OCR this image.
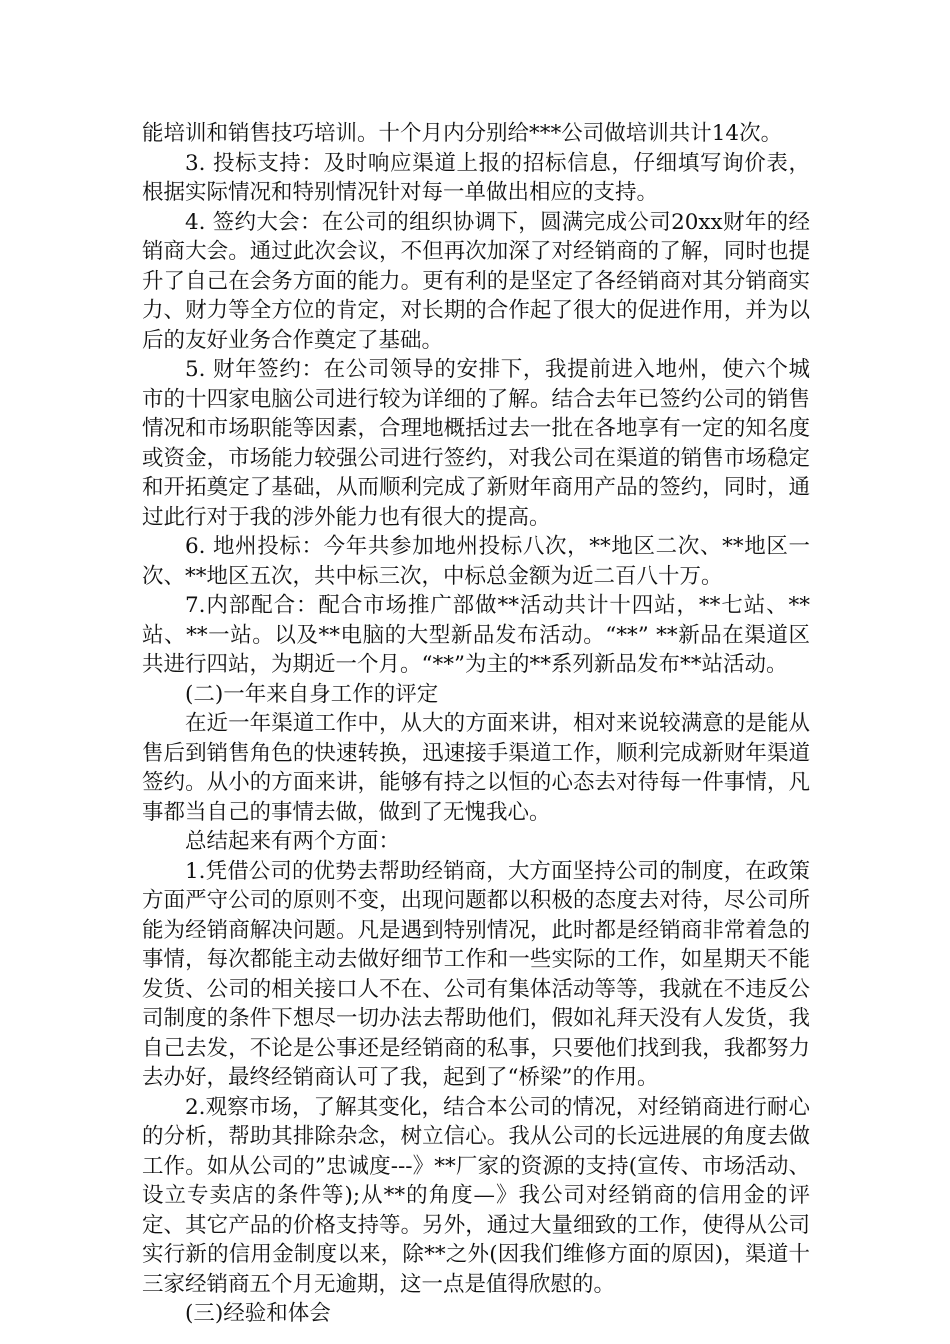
能培训和销售技巧培训。十个月内分别给***公司做培训共计14次。

3. 投标支持：及时响应渠道上报的招标信息，仔细填写询价表，根据实际情况和特别情况针对每一单做出相应的支持。

4. 签约大会：在公司的组织协调下，圆满完成公司20xx财年的经销商大会。通过此次会议，不但再次加深了对经销商的了解，同时也提升了自己在会务方面的能力。更有利的是坚定了各经销商对其分销商实力、财力等全方位的肯定，对长期的合作起了很大的促进作用，并为以后的友好业务合作奠定了基础。

5. 财年签约：在公司领导的安排下，我提前进入地州，使六个城市的十四家电脑公司进行较为详细的了解。结合去年已签约公司的销售情况和市场职能等因素，合理地概括过去一批在各地享有一定的知名度或资金，市场能力较强公司进行签约，对我公司在渠道的销售市场稳定和开拓奠定了基础，从而顺利完成了新财年商用产品的签约，同时，通过此行对于我的涉外能力也有很大的提高。

6. 地州投标：今年共参加地州投标八次，**地区二次、**地区一次、**地区五次，共中标三次，中标总金额为近二百八十万。

7.内部配合：配合市场推广部做**活动共计十四站，**七站、**站、**一站。以及**电脑的大型新品发布活动。“**” **新品在渠道区共进行四站，为期近一个月。“**”为主的**系列新品发布**站活动。

(二)一年来自身工作的评定

在近一年渠道工作中，从大的方面来讲，相对来说较满意的是能从售后到销售角色的快速转换，迅速接手渠道工作，顺利完成新财年渠道签约。从小的方面来讲，能够有持之以恒的心态去对待每一件事情，凡事都当自己的事情去做，做到了无愧我心。

总结起来有两个方面：

1.凭借公司的优势去帮助经销商，大方面坚持公司的制度，在政策方面严守公司的原则不变，出现问题都以积极的态度去对待，尽公司所能为经销商解决问题。凡是遇到特别情况，此时都是经销商非常着急的事情，每次都能主动去做好细节工作和一些实际的工作，如星期天不能发货、公司的相关接口人不在、公司有集体活动等等，我就在不违反公司制度的条件下想尽一切办法去帮助他们，假如礼拜天没有人发货，我自己去发，不论是公事还是经销商的私事，只要他们找到我，我都努力去办好，最终经销商认可了我，起到了“桥梁”的作用。

2.观察市场，了解其变化，结合本公司的情况，对经销商进行耐心的分析，帮助其排除杂念，树立信心。我从公司的长远进展的角度去做工作。如从公司的”忠诚度---》**厂家的资源的支持(宣传、市场活动、设立专卖店的条件等);从**的角度—》我公司对经销商的信用金的评定、其它产品的价格支持等。另外，通过大量细致的工作，使得从公司实行新的信用金制度以来，除**之外(因我们维修方面的原因)，渠道十三家经销商五个月无逾期，这一点是值得欣慰的。

(三)经验和体会
